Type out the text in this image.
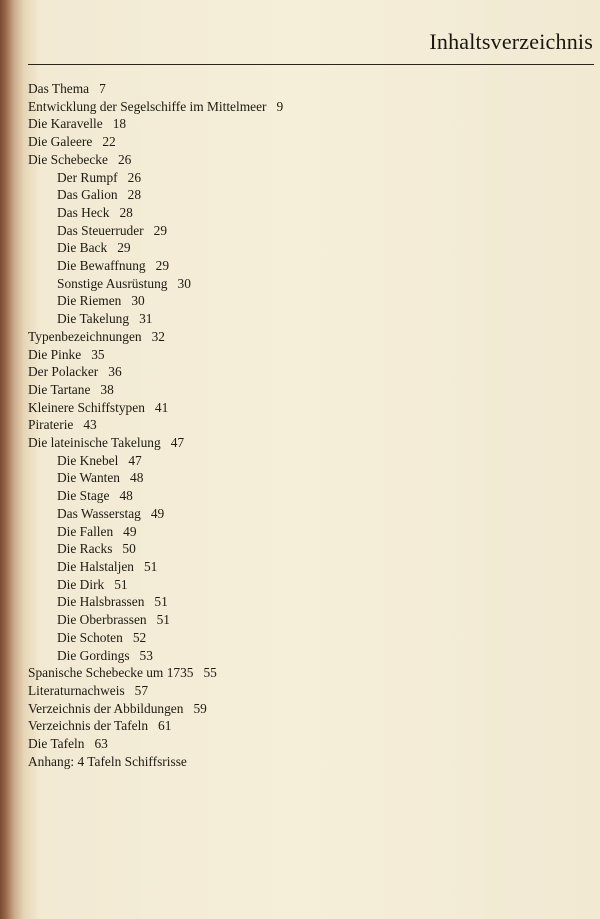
Inhaltsverzeichnis
Das Thema 7
Entwicklung der Segelschiffe im Mittelmeer 9
Die Karavelle 18
Die Galeere 22
Die Schebecke 26
Der Rumpf 26
Das Galion 28
Das Heck 28
Das Steuerruder 29
Die Back 29
Die Bewaffnung 29
Sonstige Ausrüstung 30
Die Riemen 30
Die Takelung 31
Typenbezeichnungen 32
Die Pinke 35
Der Polacker 36
Die Tartane 38
Kleinere Schiffstypen 41
Piraterie 43
Die lateinische Takelung 47
Die Knebel 47
Die Wanten 48
Die Stage 48
Das Wasserstag 49
Die Fallen 49
Die Racks 50
Die Halstaljen 51
Die Dirk 51
Die Halsbrassen 51
Die Oberbrassen 51
Die Schoten 52
Die Gordings 53
Spanische Schebecke um 1735 55
Literaturnachweis 57
Verzeichnis der Abbildungen 59
Verzeichnis der Tafeln 61
Die Tafeln 63
Anhang: 4 Tafeln Schiffsrisse
